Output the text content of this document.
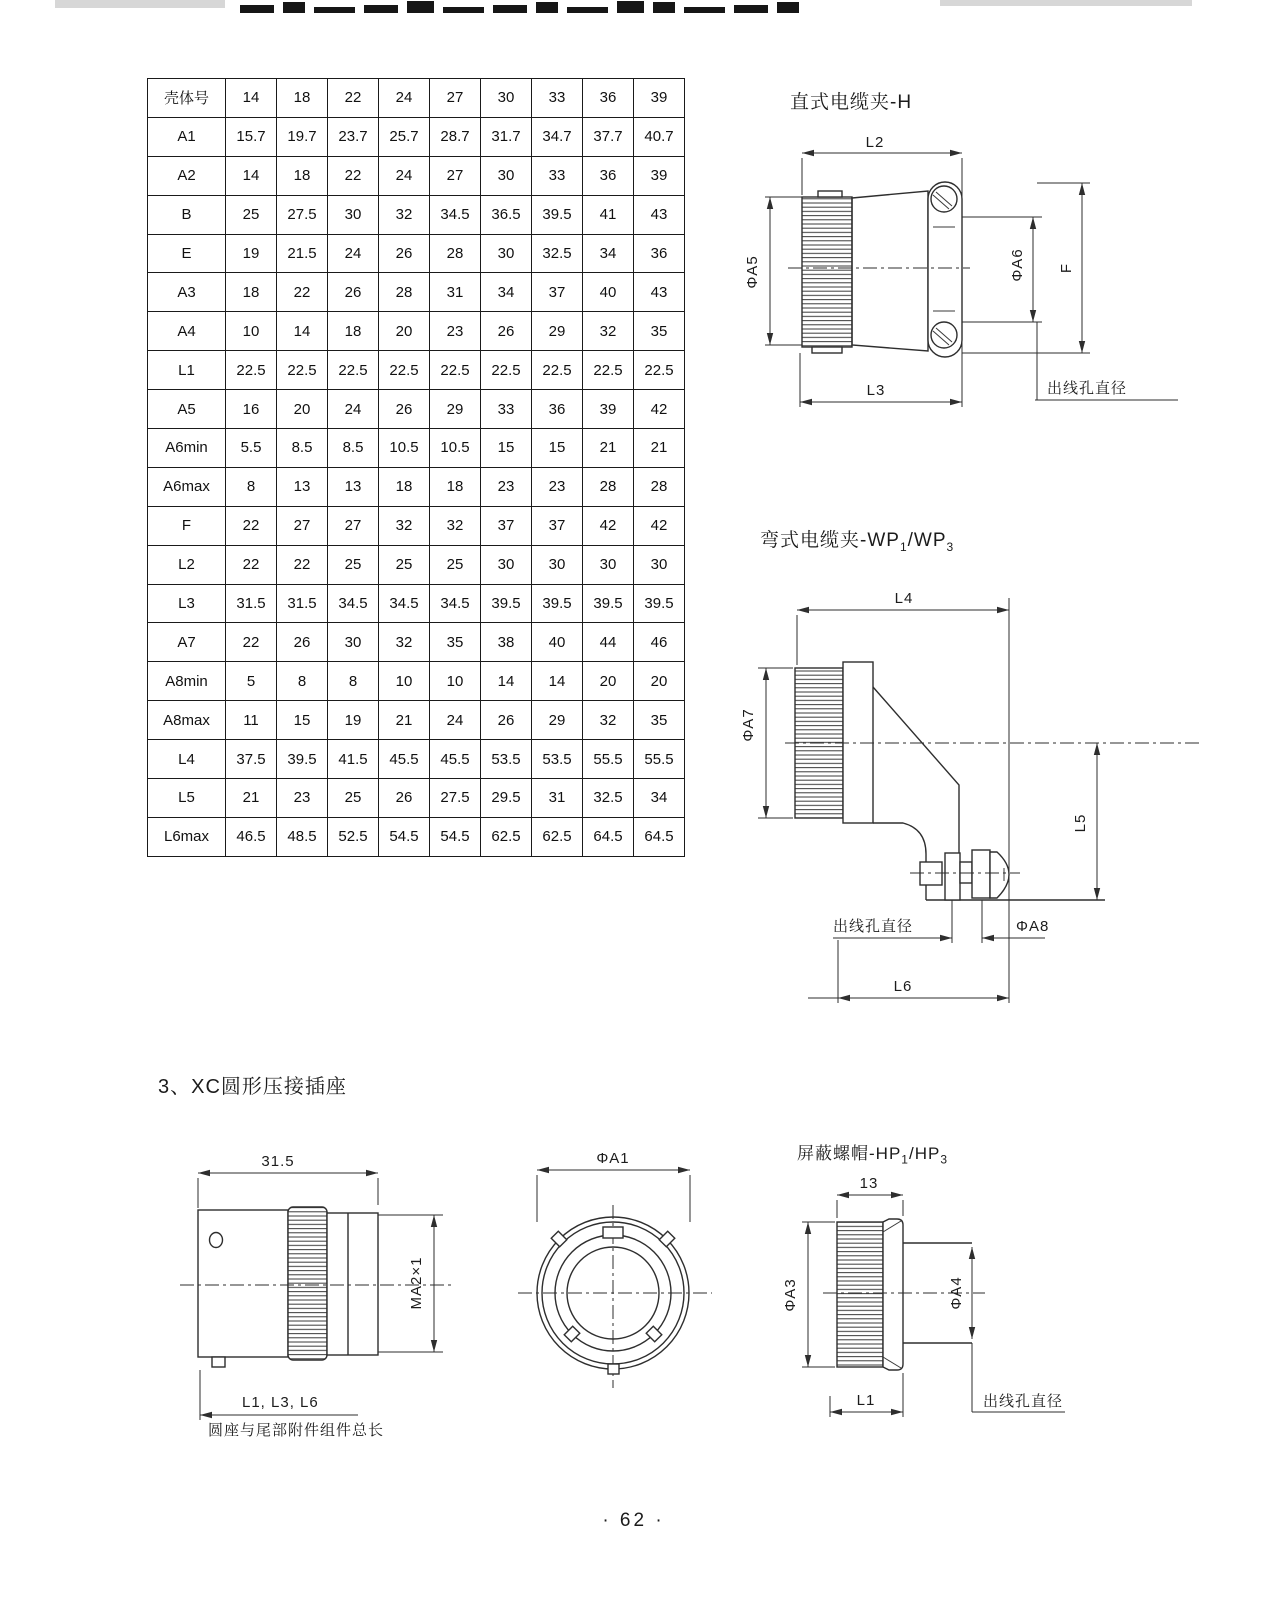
壳体号	14	18	22	24	27	30	33	36	39
A1	15.7	19.7	23.7	25.7	28.7	31.7	34.7	37.7	40.7
A2	14	18	22	24	27	30	33	36	39
B	25	27.5	30	32	34.5	36.5	39.5	41	43
E	19	21.5	24	26	28	30	32.5	34	36
A3	18	22	26	28	31	34	37	40	43
A4	10	14	18	20	23	26	29	32	35
L1	22.5	22.5	22.5	22.5	22.5	22.5	22.5	22.5	22.5
A5	16	20	24	26	29	33	36	39	42
A6min	5.5	8.5	8.5	10.5	10.5	15	15	21	21
A6max	8	13	13	18	18	23	23	28	28
F	22	27	27	32	32	37	37	42	42
L2	22	22	25	25	25	30	30	30	30
L3	31.5	31.5	34.5	34.5	34.5	39.5	39.5	39.5	39.5
A7	22	26	30	32	35	38	40	44	46
A8min	5	8	8	10	10	14	14	20	20
A8max	11	15	19	21	24	26	29	32	35
L4	37.5	39.5	41.5	45.5	45.5	53.5	53.5	55.5	55.5
L5	21	23	25	26	27.5	29.5	31	32.5	34
L6max	46.5	48.5	52.5	54.5	54.5	62.5	62.5	64.5	64.5
直式电缆夹-H
L2
ΦA5	ΦA6 F
L3	出线孔直径
弯式电缆夹$-WP_1/WP_3$
L4
ΦA7
L5
出线孔直径	ΦA8
L6
3、XC圆形压接插座
31.5
MA2×1
L1, L3, L6
圆座与尾部附件组件总长
ΦA1	屏蔽螺帽$-HP_1/HP_3$
13
ΦA3	ΦA4
L1	出线孔直径
· 62 ·
